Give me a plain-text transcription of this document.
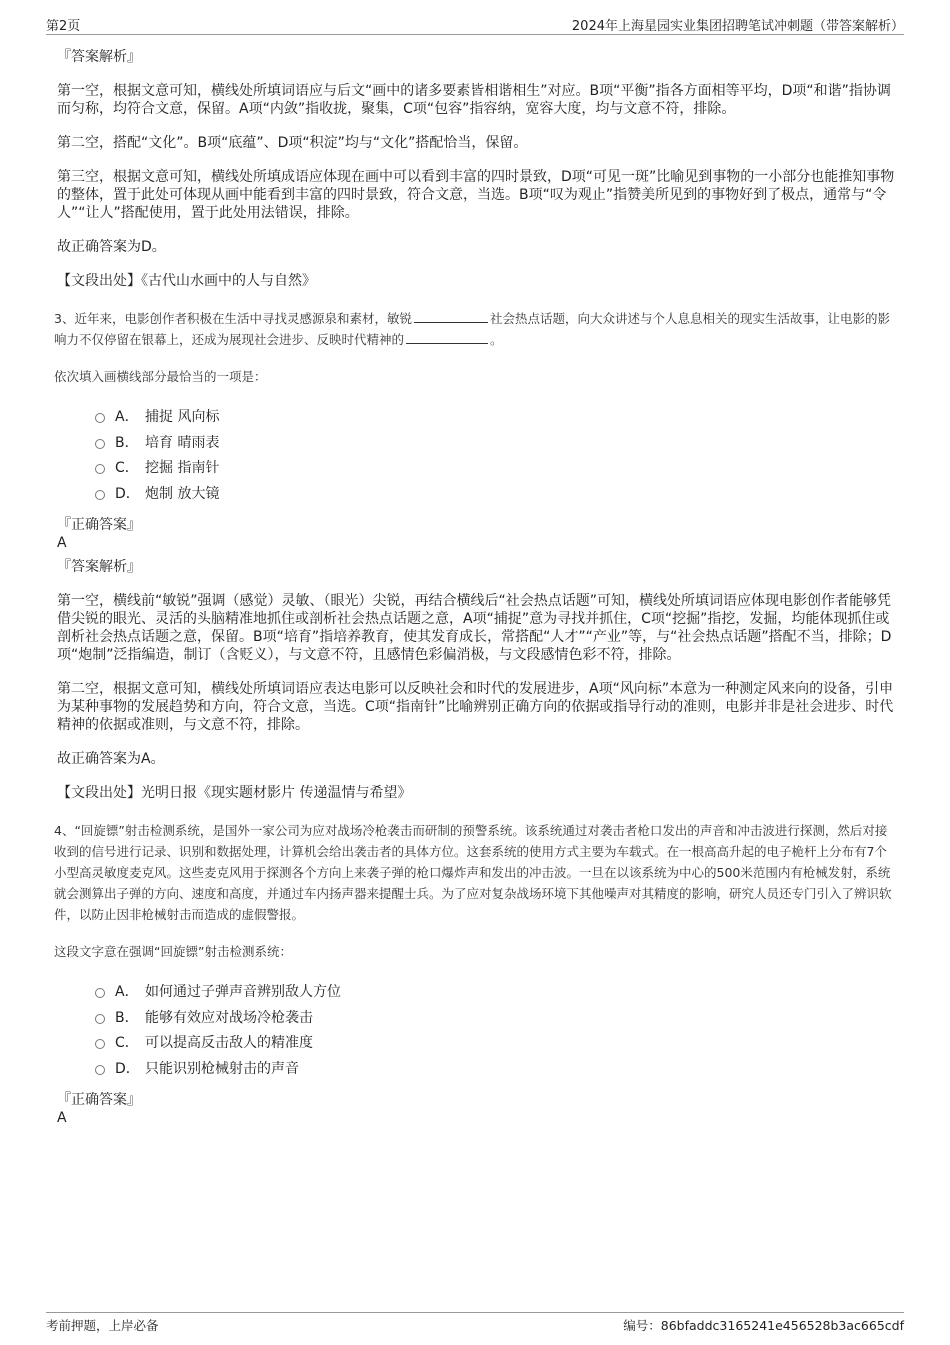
第2页	2024年上海星园实业集团招聘笔试冲刺题（带答案解析）

『答案解析』

第一空，根据文意可知，横线处所填词语应与后文“画中的诸多要素皆相谐相生”对应。B项“平衡”指各方面相等平均，D项“和谐”指协调而匀称，均符合文意，保留。A项“内敛”指收拢，聚集，C项“包容”指容纳，宽容大度，均与文意不符，排除。

第二空，搭配“文化”。B项“底蕴”、D项“积淀”均与“文化”搭配恰当，保留。

第三空，根据文意可知，横线处所填成语应体现在画中可以看到丰富的四时景致，D项“可见一斑”比喻见到事物的一小部分也能推知事物的整体，置于此处可体现从画中能看到丰富的四时景致，符合文意，当选。B项“叹为观止”指赞美所见到的事物好到了极点，通常与“令人”“让人”搭配使用，置于此处用法错误，排除。

故正确答案为D。

【文段出处】《古代山水画中的人与自然》

3、近年来，电影创作者积极在生活中寻找灵感源泉和素材，敏锐	社会热点话题，向大众讲述与个人息息相关的现实生活故事，让电影的影响力不仅停留在银幕上，还成为展现社会进步、反映时代精神的	。

依次填入画横线部分最恰当的一项是：

A． 捕捉 风向标
B． 培育 晴雨表
C． 挖掘 指南针
D． 炮制 放大镜

『正确答案』

A

『答案解析』

第一空，横线前“敏锐”强调（感觉）灵敏、（眼光）尖锐，再结合横线后“社会热点话题”可知，横线处所填词语应体现电影创作者能够凭借尖锐的眼光、灵活的头脑精准地抓住或剖析社会热点话题之意，A项“捕捉”意为寻找并抓住，C项“挖掘”指挖，发掘，均能体现抓住或剖析社会热点话题之意，保留。B项“培育”指培养教育，使其发育成长，常搭配“人才”“产业”等，与“社会热点话题”搭配不当，排除；D项“炮制”泛指编造，制订（含贬义），与文意不符，且感情色彩偏消极，与文段感情色彩不符，排除。

第二空，根据文意可知，横线处所填词语应表达电影可以反映社会和时代的发展进步，A项“风向标”本意为一种测定风来向的设备，引申为某种事物的发展趋势和方向，符合文意，当选。C项“指南针”比喻辨别正确方向的依据或指导行动的准则，电影并非是社会进步、时代精神的依据或准则，与文意不符，排除。

故正确答案为A。

【文段出处】光明日报《现实题材影片 传递温情与希望》

4、“回旋镖”射击检测系统，是国外一家公司为应对战场冷枪袭击而研制的预警系统。该系统通过对袭击者枪口发出的声音和冲击波进行探测，然后对接收到的信号进行记录、识别和数据处理，计算机会给出袭击者的具体方位。这套系统的使用方式主要为车载式。在一根高高升起的电子桅杆上分布有7个小型高灵敏度麦克风。这些麦克风用于探测各个方向上来袭子弹的枪口爆炸声和发出的冲击波。一旦在以该系统为中心的500米范围内有枪械发射，系统就会测算出子弹的方向、速度和高度，并通过车内扬声器来提醒士兵。为了应对复杂战场环境下其他噪声对其精度的影响，研究人员还专门引入了辨识软件，以防止因非枪械射击而造成的虚假警报。

这段文字意在强调“回旋镖”射击检测系统：

A． 如何通过子弹声音辨别敌人方位
B． 能够有效应对战场冷枪袭击
C． 可以提高反击敌人的精准度
D． 只能识别枪械射击的声音

『正确答案』

A

考前押题，上岸必备	编号：86bfaddc3165241e456528b3ac665cdf
